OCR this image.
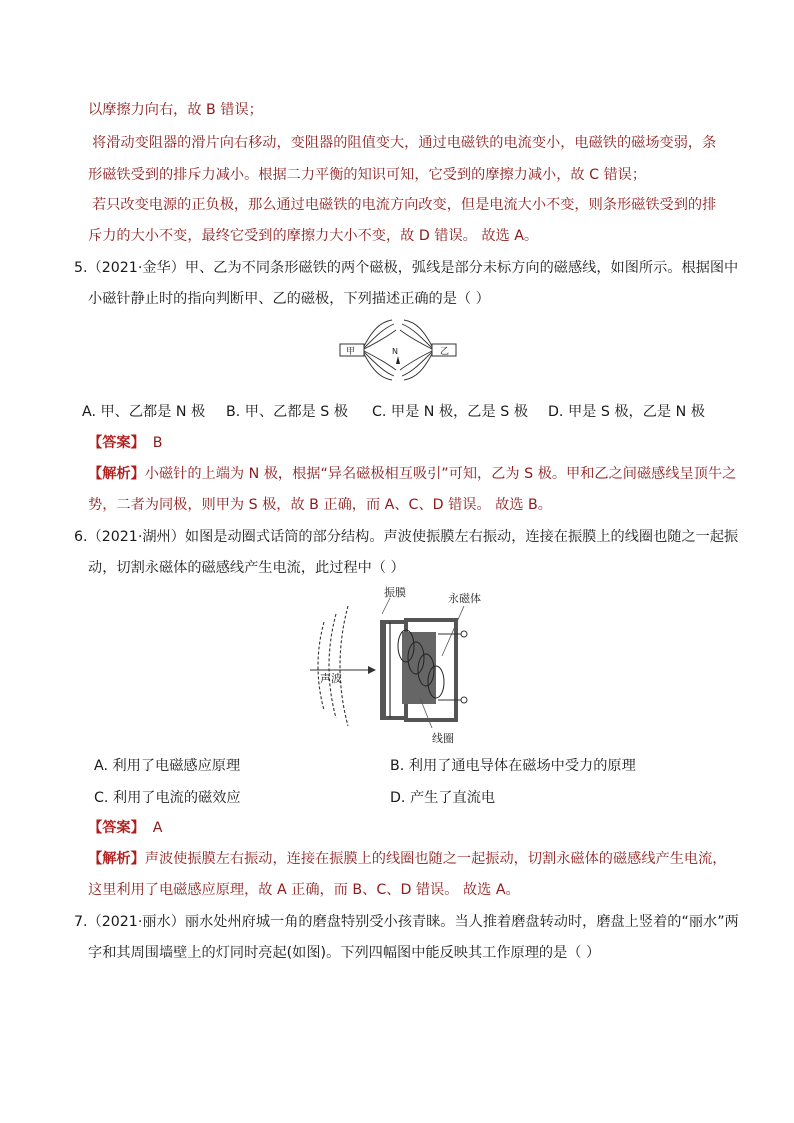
以摩擦力向右，故 B 错误；
将滑动变阻器的滑片向右移动，变阻器的阻值变大，通过电磁铁的电流变小，电磁铁的磁场变弱，条
形磁铁受到的排斥力减小。根据二力平衡的知识可知，它受到的摩擦力减小，故 C 错误；
若只改变电源的正负极，那么通过电磁铁的电流方向改变，但是电流大小不变，则条形磁铁受到的排
斥力的大小不变，最终它受到的摩擦力大小不变，故 D 错误。 故选 A。
5.（2021·金华）甲、乙为不同条形磁铁的两个磁极，弧线是部分未标方向的磁感线，如图所示。根据图中
小磁针静止时的指向判断甲、乙的磁极，下列描述正确的是（ ）
甲	乙
N
A. 甲、乙都是 N 极 B. 甲、乙都是 S 极 C. 甲是 N 极，乙是 S 极 D. 甲是 S 极，乙是 N 极
【答案】 B
【解析】小磁针的上端为 N 极，根据“异名磁极相互吸引”可知，乙为 S 极。甲和乙之间磁感线呈顶牛之
势，二者为同极，则甲为 S 极，故 B 正确，而 A、C、D 错误。 故选 B。
6.（2021·湖州）如图是动圈式话筒的部分结构。声波使振膜左右振动，连接在振膜上的线圈也随之一起振
动，切割永磁体的磁感线产生电流，此过程中（ ）
声波
振膜	永磁体
线圈
A. 利用了电磁感应原理	B. 利用了通电导体在磁场中受力的原理
C. 利用了电流的磁效应	D. 产生了直流电
【答案】 A
【解析】声波使振膜左右振动，连接在振膜上的线圈也随之一起振动，切割永磁体的磁感线产生电流，
这里利用了电磁感应原理，故 A 正确，而 B、C、D 错误。 故选 A。
7.（2021·丽水）丽水处州府城一角的磨盘特别受小孩青睐。当人推着磨盘转动时，磨盘上竖着的“丽水”两
字和其周围墙壁上的灯同时亮起(如图)。下列四幅图中能反映其工作原理的是（ ）
